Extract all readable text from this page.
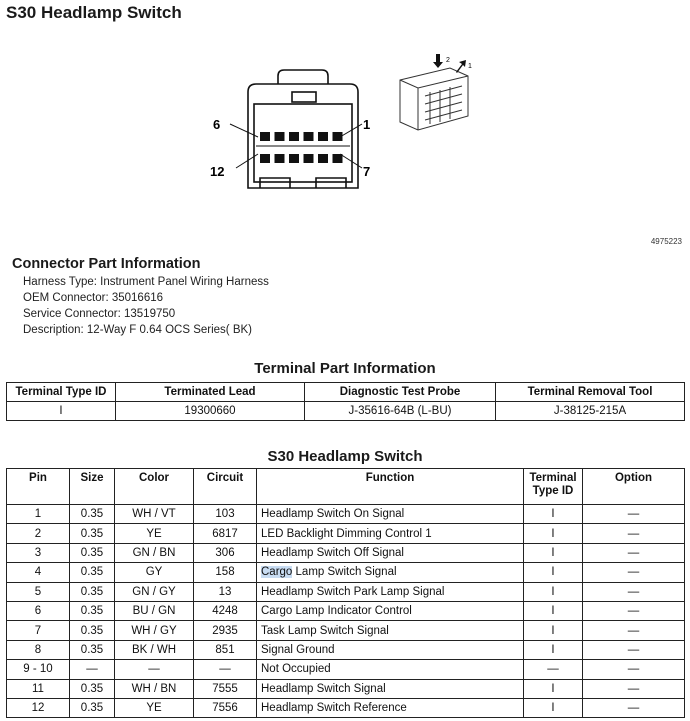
S30 Headlamp Switch
6	1
12	7
2
1
4975223
Connector Part Information
Harness Type: Instrument Panel Wiring Harness
OEM Connector: 35016616
Service Connector: 13519750
Description: 12-Way F 0.64 OCS Series( BK)
Terminal Part Information
Terminal Type ID	Terminated Lead	Diagnostic Test Probe	Terminal Removal Tool
I	19300660	J-35616-64B (L-BU)	J-38125-215A
S30 Headlamp Switch
Pin	Size	Color	Circuit	Function	Terminal Type ID	Option
1	0.35	WH / VT	103	Headlamp Switch On Signal	I	—
2	0.35	YE	6817	LED Backlight Dimming Control 1	I	—
3	0.35	GN / BN	306	Headlamp Switch Off Signal	I	—
4	0.35	GY	158	Cargo Lamp Switch Signal	I	—
5	0.35	GN / GY	13	Headlamp Switch Park Lamp Signal	I	—
6	0.35	BU / GN	4248	Cargo Lamp Indicator Control	I	—
7	0.35	WH / GY	2935	Task Lamp Switch Signal	I	—
8	0.35	BK / WH	851	Signal Ground	I	—
9 - 10	—	—	—	Not Occupied	—	—
11	0.35	WH / BN	7555	Headlamp Switch Signal	I	—
12	0.35	YE	7556	Headlamp Switch Reference	I	—
